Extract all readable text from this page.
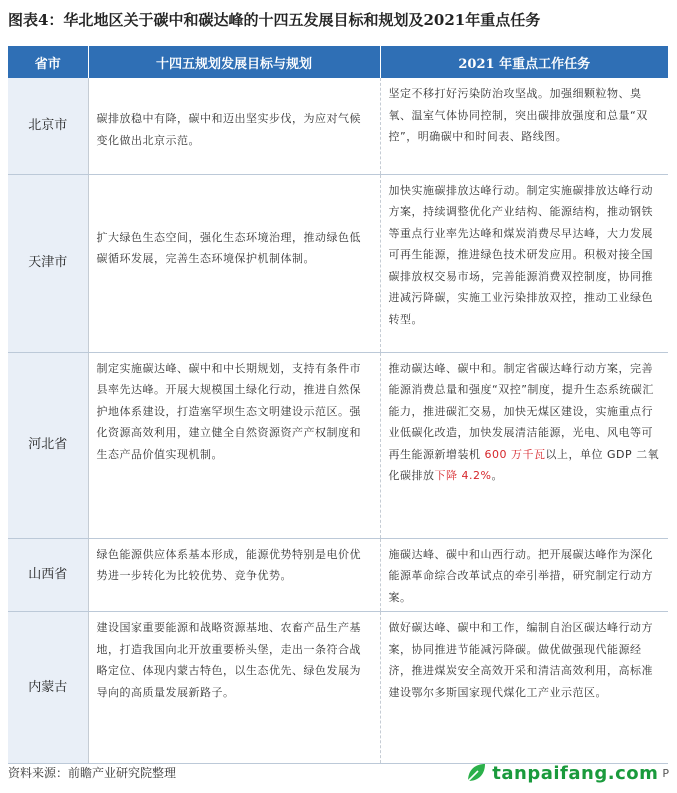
图表4：华北地区关于碳中和碳达峰的十四五发展目标和规划及2021年重点任务
省市	十四五规划发展目标与规划	2021 年重点工作任务
北京市	碳排放稳中有降，碳中和迈出坚实步伐，为应对气候变化做出北京示范。	坚定不移打好污染防治攻坚战。加强细颗粒物、臭氧、温室气体协同控制，突出碳排放强度和总量“双控”，明确碳中和时间表、路线图。

天津市	扩大绿色生态空间，强化生态环境治理，推动绿色低碳循环发展，完善生态环境保护机制体制。	加快实施碳排放达峰行动。制定实施碳排放达峰行动方案，持续调整优化产业结构、能源结构，推动钢铁等重点行业率先达峰和煤炭消费尽早达峰，大力发展可再生能源，推进绿色技术研发应用。积极对接全国碳排放权交易市场，完善能源消费双控制度，协同推进减污降碳，实施工业污染排放双控，推动工业绿色转型。

河北省	制定实施碳达峰、碳中和中长期规划，支持有条件市县率先达峰。开展大规模国土绿化行动，推进自然保护地体系建设，打造塞罕坝生态文明建设示范区。强化资源高效利用，建立健全自然资源资产产权制度和生态产品价值实现机制。	推动碳达峰、碳中和。制定省碳达峰行动方案，完善能源消费总量和强度“双控”制度，提升生态系统碳汇能力，推进碳汇交易，加快无煤区建设，实施重点行业低碳化改造，加快发展清洁能源，光电、风电等可再生能源新增装机 600 万千瓦以上，单位 GDP 二氧化碳排放下降 4.2%。

山西省	绿色能源供应体系基本形成，能源优势特别是电价优势进一步转化为比较优势、竞争优势。	施碳达峰、碳中和山西行动。把开展碳达峰作为深化能源革命综合改革试点的牵引举措，研究制定行动方案。

内蒙古	建设国家重要能源和战略资源基地、农畜产品生产基地，打造我国向北开放重要桥头堡，走出一条符合战略定位、体现内蒙古特色，以生态优先、绿色发展为导向的高质量发展新路子。	做好碳达峰、碳中和工作，编制自治区碳达峰行动方案，协同推进节能减污降碳。做优做强现代能源经济，推进煤炭安全高效开采和清洁高效利用，高标准建设鄂尔多斯国家现代煤化工产业示范区。
资料来源：前瞻产业研究院整理	tanpaifang.com P
